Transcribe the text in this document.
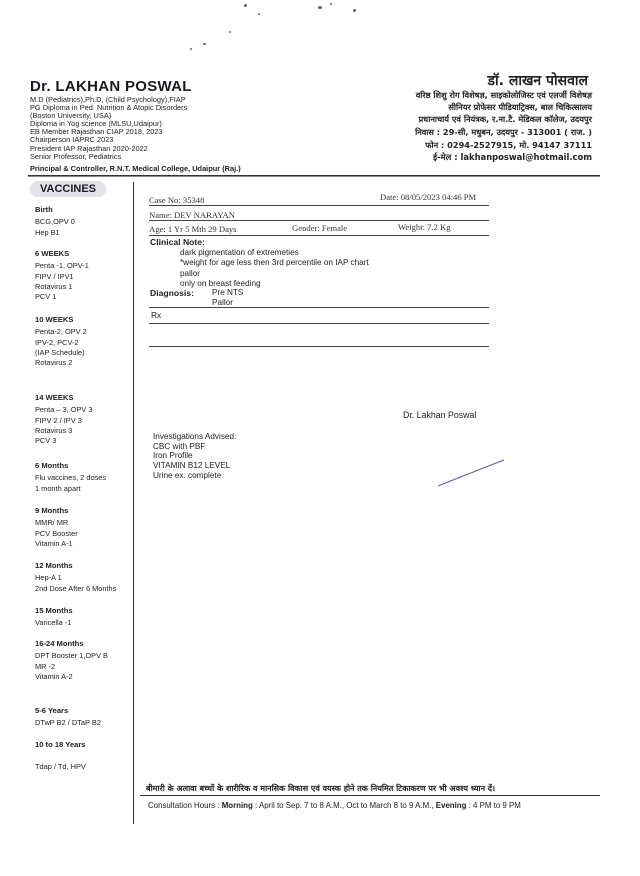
Dr. LAKHAN POSWAL
M.D (Pediatrics),Ph.D, (Child Psychology),FIAP
PG Diploma in Ped. Nutrition & Atopic Disorders
(Boston University, USA)
Diploma in Yog science (MLSU,Udaipur)
EB Member Rajasthan CIAP 2018, 2023
Chairperson IAPRC 2023
President IAP Rajasthan 2020-2022
Senior Professor, Pediatrics
Principal & Controller, R.N.T. Medical College, Udaipur (Raj.)
डॉ. लाखन पोसवाल
वरिष्ठ शिशु रोग विशेषज्ञ, साइकोलोजिस्ट एवं एलर्जी विशेषज्ञ
सीनियर प्रोफेसर पीडियाट्रिक्स, बाल चिकित्सालय
प्रधानाचार्य एवं नियंत्रक, र.ना.टै. मेडिकल कॉलेज, उदयपुर
निवास : 29-सी, मधुबन, उदयपुर - 313001 ( राज. )
फोन : 0294-2527915, मो. 94147 37111
ई-मेल : lakhanposwal@hotmail.com
VACCINES
Birth
BCG,OPV 0
Hep B1
6 WEEKS
Penta -1, OPV-1
FIPV / IPV1
Rotavirus 1
PCV 1
10 WEEKS
Penta-2, OPV 2
IPV-2, PCV-2
(IAP Schedule)
Rotavirus 2
14 WEEKS
Penta – 3, OPV 3
FIPV 2 / IPV 3
Rotavirus 3
PCV 3
6 Months
Flu vaccines, 2 doses
1 month apart
9 Months
MMR/ MR
PCV Booster
Vitamin A-1
12 Months
Hep-A 1
2nd Dose After 6 Months
15 Months
Varicella -1
16-24 Months
DPT Booster 1,OPV B
MR -2
Vitamin A-2
5-6 Years
DTwP B2 / DTaP B2
10 to 18 Years
Tdap / Td, HPV
Case No: 35348	Date: 08/05/2023 04:46 PM
Name: DEV NARAYAN
Age: 1 Yr 5 Mth 29 Days	Gender: Female	Weight: 7.2 Kg
Clinical Note:
dark pigmentation of extremeties
*weight for age less then 3rd percentile on IAP chart
pallor
only on breast feeding
Diagnosis: Pre NTS
Pallor
Rx
Dr. Lakhan Poswal
Investigations Advised:
CBC with PBF
Iron Profile
VITAMIN B12 LEVEL
Urine ex. complete
बीमारी के अलावा बच्चों के शारीरिक व मानसिक विकास एवं वयस्क होने तक नियमित टिकाकरण पर भी अवश्य ध्यान दें।
Consultation Hours : Morning : April to Sep. 7 to 8 A.M., Oct to March 8 to 9 A.M., Evening : 4 PM to 9 PM
